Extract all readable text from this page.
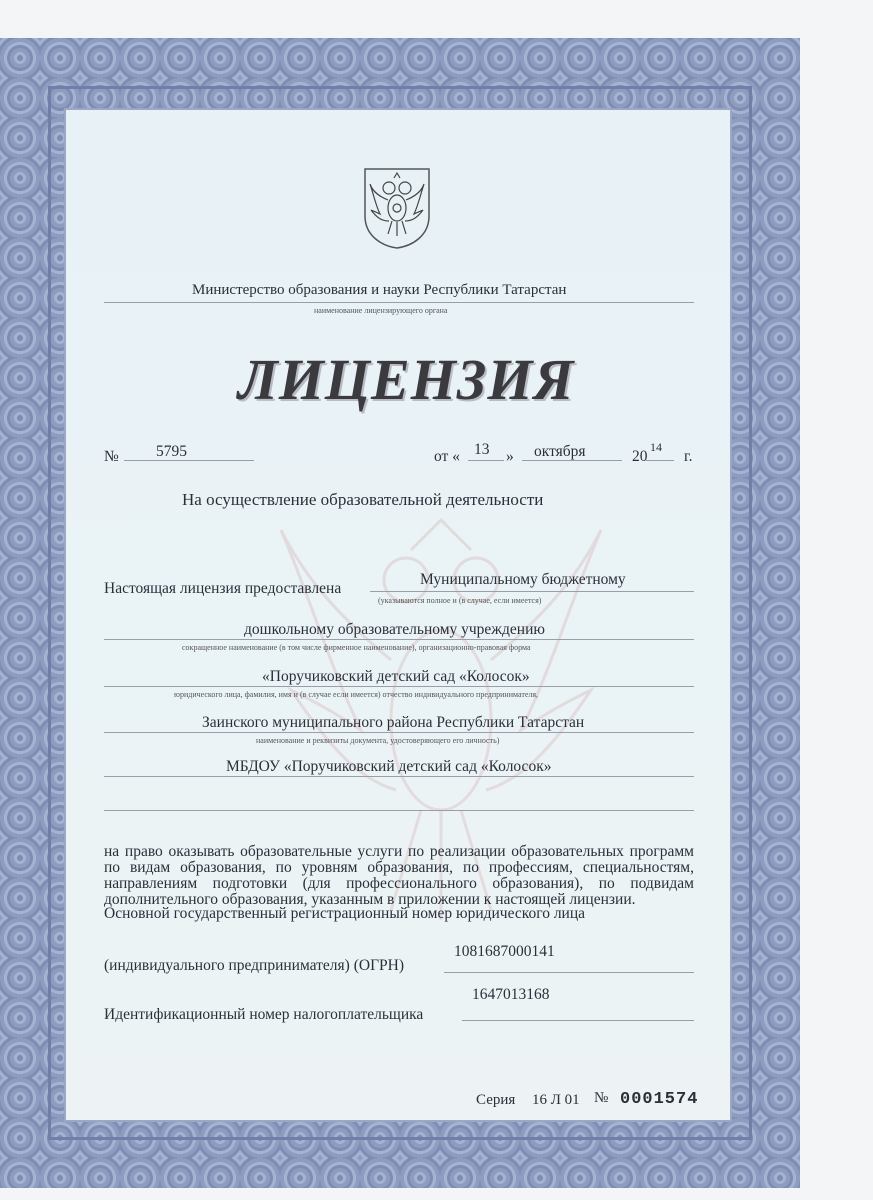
Министерство образования и науки Республики Татарстан
наименование лицензирующего органа
ЛИЦЕНЗИЯ
№ 5795	от « 13 » октября	20
14
г.
На осуществление образовательной деятельности
Настоящая лицензия предоставлена
Муниципальному бюджетному
(указываются полное и (в случае, если имеется)
дошкольному образовательному учреждению
сокращенное наименование (в том числе фирменное наименование), организационно-правовая форма
«Поручиковский детский сад «Колосок»
юридического лица, фамилия, имя и (в случае если имеется) отчество индивидуального предпринимателя,
Заинского муниципального района Республики Татарстан
наименование и реквизиты документа, удостоверяющего его личность)
МБДОУ «Поручиковский детский сад «Колосок»
на право оказывать образовательные услуги по реализации образовательных программ по видам образования, по уровням образования, по профессиям, специальностям, направлениям подготовки (для профессионального образования), по подвидам дополнительного образования, указанным в приложении к настоящей лицензии.
Основной государственный регистрационный номер юридического лица
(индивидуального предпринимателя) (ОГРН)
1081687000141
Идентификационный номер налогоплательщика
1647013168
Серия 16 Л 01 № 0001574
